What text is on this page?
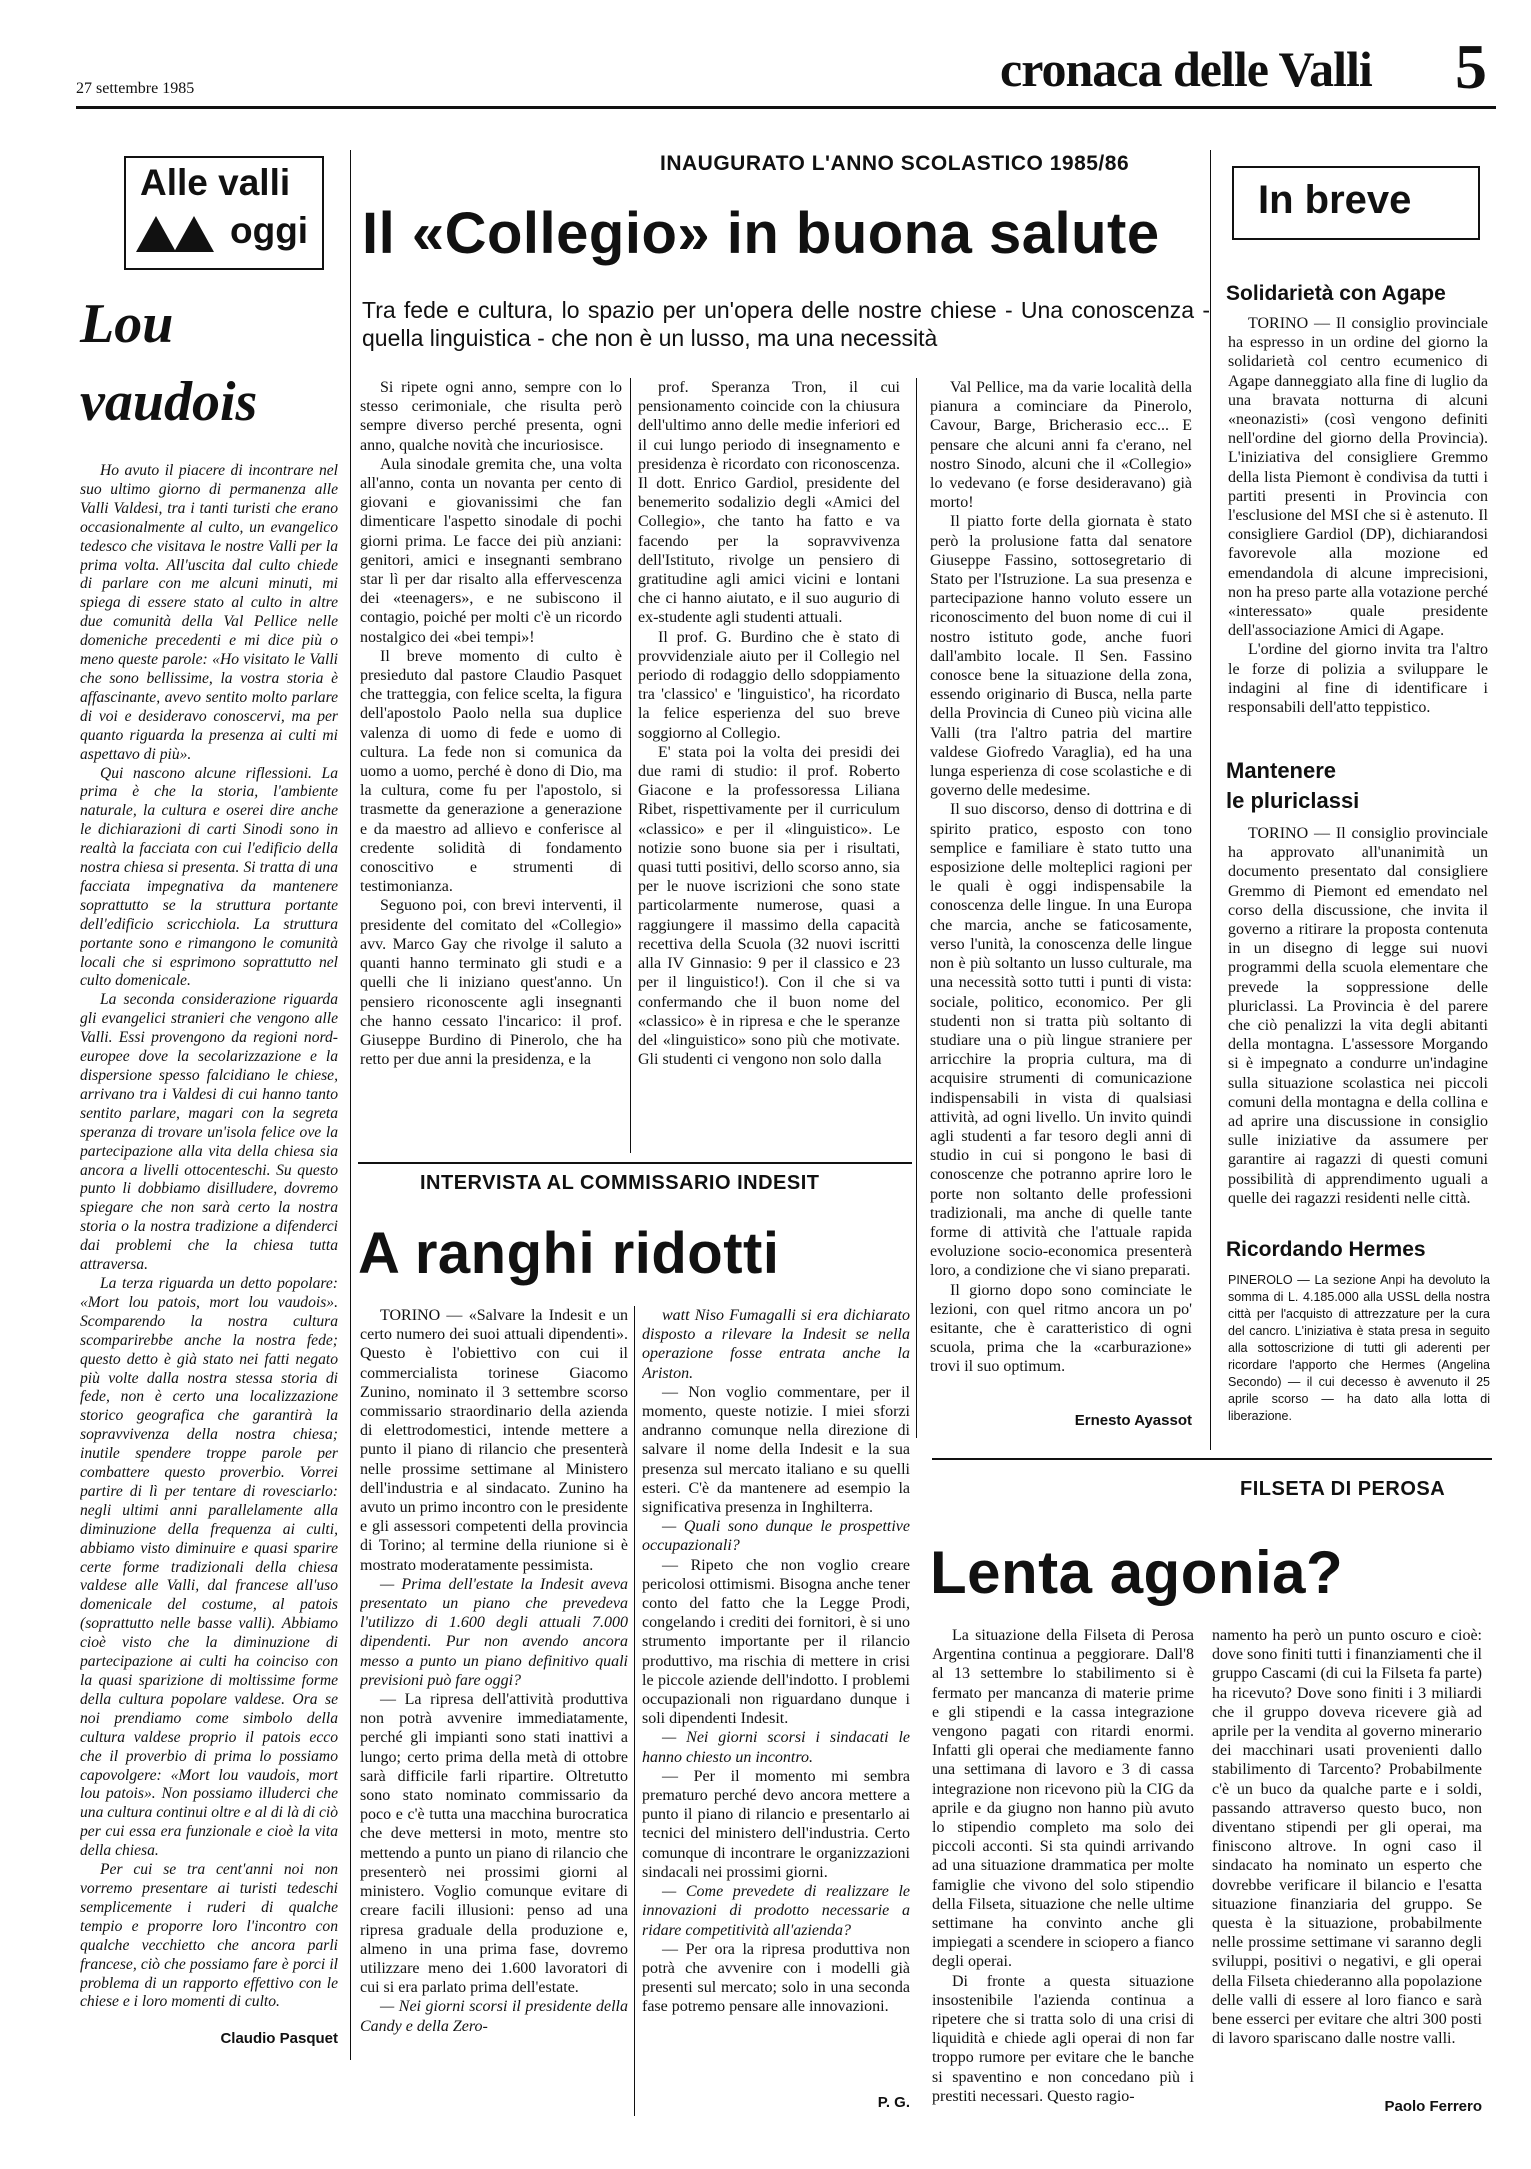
27 settembre 1985	cronaca delle Valli 5
Alle valli
oggi
Lou
vaudois

Ho avuto il piacere di incontrare nel suo ultimo giorno di permanenza alle Valli Valdesi, tra i tanti turisti che erano occasionalmente al culto, un evangelico tedesco che visitava le nostre Valli per la prima volta. All'uscita dal culto chiede di parlare con me alcuni minuti, mi spiega di essere stato al culto in altre due comunità della Val Pellice nelle domeniche precedenti e mi dice più o meno queste parole: «Ho visitato le Valli che sono bellissime, la vostra storia è affascinante, avevo sentito molto parlare di voi e desideravo conoscervi, ma per quanto riguarda la presenza ai culti mi aspettavo di più».

Qui nascono alcune riflessioni. La prima è che la storia, l'ambiente naturale, la cultura e oserei dire anche le dichiarazioni di carti Sinodi sono in realtà la facciata con cui l'edificio della nostra chiesa si presenta. Si tratta di una facciata impegnativa da mantenere soprattutto se la struttura portante dell'edificio scricchiola. La struttura portante sono e rimangono le comunità locali che si esprimono soprattutto nel culto domenicale.

La seconda considerazione riguarda gli evangelici stranieri che vengono alle Valli. Essi provengono da regioni nord-europee dove la secolarizzazione e la dispersione spesso falcidiano le chiese, arrivano tra i Valdesi di cui hanno tanto sentito parlare, magari con la segreta speranza di trovare un'isola felice ove la partecipazione alla vita della chiesa sia ancora a livelli ottocenteschi. Su questo punto li dobbiamo disilludere, dovremo spiegare che non sarà certo la nostra storia o la nostra tradizione a difenderci dai problemi che la chiesa tutta attraversa.

La terza riguarda un detto popolare: «Mort lou patois, mort lou vaudois». Scomparendo la nostra cultura scomparirebbe anche la nostra fede; questo detto è già stato nei fatti negato più volte dalla nostra stessa storia di fede, non è certo una localizzazione storico geografica che garantirà la sopravvivenza della nostra chiesa; inutile spendere troppe parole per combattere questo proverbio. Vorrei partire di lì per tentare di rovesciarlo: negli ultimi anni parallelamente alla diminuzione della frequenza ai culti, abbiamo visto diminuire e quasi sparire certe forme tradizionali della chiesa valdese alle Valli, dal francese all'uso domenicale del costume, al patois (soprattutto nelle basse valli). Abbiamo cioè visto che la diminuzione di partecipazione ai culti ha coinciso con la quasi sparizione di moltissime forme della cultura popolare valdese. Ora se noi prendiamo come simbolo della cultura valdese proprio il patois ecco che il proverbio di prima lo possiamo capovolgere: «Mort lou vaudois, mort lou patois». Non possiamo illuderci che una cultura continui oltre e al di là di ciò per cui essa era funzionale e cioè la vita della chiesa.

Per cui se tra cent'anni noi non vorremo presentare ai turisti tedeschi semplicemente i ruderi di qualche tempio e proporre loro l'incontro con qualche vecchietto che ancora parli francese, ciò che possiamo fare è porci il problema di un rapporto effettivo con le chiese e i loro momenti di culto.

Claudio Pasquet
INAUGURATO L'ANNO SCOLASTICO 1985/86
Il «Collegio» in buona salute
Tra fede e cultura, lo spazio per un'opera delle nostre chiese - Una conoscenza - quella linguistica - che non è un lusso, ma una necessità

Si ripete ogni anno, sempre con lo stesso cerimoniale, che risulta però sempre diverso perché presenta, ogni anno, qualche novità che incuriosisce.

Aula sinodale gremita che, una volta all'anno, conta un novanta per cento di giovani e giovanissimi che fan dimenticare l'aspetto sinodale di pochi giorni prima. Le facce dei più anziani: genitori, amici e insegnanti sembrano star lì per dar risalto alla effervescenza dei «teenagers», e ne subiscono il contagio, poiché per molti c'è un ricordo nostalgico dei «bei tempi»!

Il breve momento di culto è presieduto dal pastore Claudio Pasquet che tratteggia, con felice scelta, la figura dell'apostolo Paolo nella sua duplice valenza di uomo di fede e uomo di cultura. La fede non si comunica da uomo a uomo, perché è dono di Dio, ma la cultura, come fu per l'apostolo, si trasmette da generazione a generazione e da maestro ad allievo e conferisce al credente solidità di fondamento conoscitivo e strumenti di testimonianza.

Seguono poi, con brevi interventi, il presidente del comitato del «Collegio» avv. Marco Gay che rivolge il saluto a quanti hanno terminato gli studi e a quelli che li iniziano quest'anno. Un pensiero riconoscente agli insegnanti che hanno cessato l'incarico: il prof. Giuseppe Burdino di Pinerolo, che ha retto per due anni la presidenza, e la

prof. Speranza Tron, il cui pensionamento coincide con la chiusura dell'ultimo anno delle medie inferiori ed il cui lungo periodo di insegnamento e presidenza è ricordato con riconoscenza. Il dott. Enrico Gardiol, presidente del benemerito sodalizio degli «Amici del Collegio», che tanto ha fatto e va facendo per la sopravvivenza dell'Istituto, rivolge un pensiero di gratitudine agli amici vicini e lontani che ci hanno aiutato, e il suo augurio di ex-studente agli studenti attuali.

Il prof. G. Burdino che è stato di provvidenziale aiuto per il Collegio nel periodo di rodaggio dello sdoppiamento tra 'classico' e 'linguistico', ha ricordato la felice esperienza del suo breve soggiorno al Collegio.

E' stata poi la volta dei presidi dei due rami di studio: il prof. Roberto Giacone e la professoressa Liliana Ribet, rispettivamente per il curriculum «classico» e per il «linguistico». Le notizie sono buone sia per i risultati, quasi tutti positivi, dello scorso anno, sia per le nuove iscrizioni che sono state particolarmente numerose, quasi a raggiungere il massimo della capacità recettiva della Scuola (32 nuovi iscritti alla IV Ginnasio: 9 per il classico e 23 per il linguistico!). Con il che si va confermando che il buon nome del «classico» è in ripresa e che le speranze del «linguistico» sono più che motivate. Gli studenti ci vengono non solo dalla

Val Pellice, ma da varie località della pianura a cominciare da Pinerolo, Cavour, Barge, Bricherasio ecc... E pensare che alcuni anni fa c'erano, nel nostro Sinodo, alcuni che il «Collegio» lo vedevano (e forse desideravano) già morto!

Il piatto forte della giornata è stato però la prolusione fatta dal senatore Giuseppe Fassino, sottosegretario di Stato per l'Istruzione. La sua presenza e partecipazione hanno voluto essere un riconoscimento del buon nome di cui il nostro istituto gode, anche fuori dall'ambito locale. Il Sen. Fassino conosce bene la situazione della zona, essendo originario di Busca, nella parte della Provincia di Cuneo più vicina alle Valli (tra l'altro patria del martire valdese Giofredo Varaglia), ed ha una lunga esperienza di cose scolastiche e di governo delle medesime.

Il suo discorso, denso di dottrina e di spirito pratico, esposto con tono semplice e familiare è stato tutto una esposizione delle molteplici ragioni per le quali è oggi indispensabile la conoscenza delle lingue. In una Europa che marcia, anche se faticosamente, verso l'unità, la conoscenza delle lingue non è più soltanto un lusso culturale, ma una necessità sotto tutti i punti di vista: sociale, politico, economico. Per gli studenti non si tratta più soltanto di studiare una o più lingue straniere per arricchire la propria cultura, ma di acquisire strumenti di comunicazione indispensabili in vista di qualsiasi attività, ad ogni livello. Un invito quindi agli studenti a far tesoro degli anni di studio in cui si pongono le basi di conoscenze che potranno aprire loro le porte non soltanto delle professioni tradizionali, ma anche di quelle tante forme di attività che l'attuale rapida evoluzione socio-economica presenterà loro, a condizione che vi siano preparati.

Il giorno dopo sono cominciate le lezioni, con quel ritmo ancora un po' esitante, che è caratteristico di ogni scuola, prima che la «carburazione» trovi il suo optimum.

Ernesto Ayassot
INTERVISTA AL COMMISSARIO INDESIT
A ranghi ridotti

TORINO — «Salvare la Indesit e un certo numero dei suoi attuali dipendenti». Questo è l'obiettivo con cui il commercialista torinese Giacomo Zunino, nominato il 3 settembre scorso commissario straordinario della azienda di elettrodomestici, intende mettere a punto il piano di rilancio che presenterà nelle prossime settimane al Ministero dell'industria e al sindacato. Zunino ha avuto un primo incontro con le presidente e gli assessori competenti della provincia di Torino; al termine della riunione si è mostrato moderatamente pessimista.

— Prima dell'estate la Indesit aveva presentato un piano che prevedeva l'utilizzo di 1.600 degli attuali 7.000 dipendenti. Pur non avendo ancora messo a punto un piano definitivo quali previsioni può fare oggi?

— La ripresa dell'attività produttiva non potrà avvenire immediatamente, perché gli impianti sono stati inattivi a lungo; certo prima della metà di ottobre sarà difficile farli ripartire. Oltretutto sono stato nominato commissario da poco e c'è tutta una macchina burocratica che deve mettersi in moto, mentre sto mettendo a punto un piano di rilancio che presenterò nei prossimi giorni al ministero. Voglio comunque evitare di creare facili illusioni: penso ad una ripresa graduale della produzione e, almeno in una prima fase, dovremo utilizzare meno dei 1.600 lavoratori di cui si era parlato prima dell'estate.

— Nei giorni scorsi il presidente della Candy e della Zero-

watt Niso Fumagalli si era dichiarato disposto a rilevare la Indesit se nella operazione fosse entrata anche la Ariston.

— Non voglio commentare, per il momento, queste notizie. I miei sforzi andranno comunque nella direzione di salvare il nome della Indesit e la sua presenza sul mercato italiano e su quelli esteri. C'è da mantenere ad esempio la significativa presenza in Inghilterra.

— Quali sono dunque le prospettive occupazionali?

— Ripeto che non voglio creare pericolosi ottimismi. Bisogna anche tener conto del fatto che la Legge Prodi, congelando i crediti dei fornitori, è si uno strumento importante per il rilancio produttivo, ma rischia di mettere in crisi le piccole aziende dell'indotto. I problemi occupazionali non riguardano dunque i soli dipendenti Indesit.

— Nei giorni scorsi i sindacati le hanno chiesto un incontro.

— Per il momento mi sembra prematuro perché devo ancora mettere a punto il piano di rilancio e presentarlo ai tecnici del ministero dell'industria. Certo comunque di incontrare le organizzazioni sindacali nei prossimi giorni.

— Come prevedete di realizzare le innovazioni di prodotto necessarie a ridare competitività all'azienda?

— Per ora la ripresa produttiva non potrà che avvenire con i modelli già presenti sul mercato; solo in una seconda fase potremo pensare alle innovazioni.

P. G.
In breve
Solidarietà con Agape

TORINO — Il consiglio provinciale ha espresso in un ordine del giorno la solidarietà col centro ecumenico di Agape danneggiato alla fine di luglio da una bravata notturna di alcuni «neonazisti» (così vengono definiti nell'ordine del giorno della Provincia). L'iniziativa del consigliere Gremmo della lista Piemont è condivisa da tutti i partiti presenti in Provincia con l'esclusione del MSI che si è astenuto. Il consigliere Gardiol (DP), dichiarandosi favorevole alla mozione ed emendandola di alcune imprecisioni, non ha preso parte alla votazione perché «interessato» quale presidente dell'associazione Amici di Agape.

L'ordine del giorno invita tra l'altro le forze di polizia a sviluppare le indagini al fine di identificare i responsabili dell'atto teppistico.

Mantenere
le pluriclassi

TORINO — Il consiglio provinciale ha approvato all'unanimità un documento presentato dal consigliere Gremmo di Piemont ed emendato nel corso della discussione, che invita il governo a ritirare la proposta contenuta in un disegno di legge sui nuovi programmi della scuola elementare che prevede la soppressione delle pluriclassi. La Provincia è del parere che ciò penalizzi la vita degli abitanti della montagna. L'assessore Morgando si è impegnato a condurre un'indagine sulla situazione scolastica nei piccoli comuni della montagna e della collina e ad aprire una discussione in consiglio sulle iniziative da assumere per garantire ai ragazzi di questi comuni possibilità di apprendimento uguali a quelle dei ragazzi residenti nelle città.

Ricordando Hermes
PINEROLO — La sezione Anpi ha devoluto la somma di L. 4.185.000 alla USSL della nostra città per l'acquisto di attrezzature per la cura del cancro. L'iniziativa è stata presa in seguito alla sottoscrizione di tutti gli aderenti per ricordare l'apporto che Hermes (Angelina Secondo) — il cui decesso è avvenuto il 25 aprile scorso — ha dato alla lotta di liberazione.
FILSETA DI PEROSA
Lenta agonia?

La situazione della Filseta di Perosa Argentina continua a peggiorare. Dall'8 al 13 settembre lo stabilimento si è fermato per mancanza di materie prime e gli stipendi e la cassa integrazione vengono pagati con ritardi enormi. Infatti gli operai che mediamente fanno una settimana di lavoro e 3 di cassa integrazione non ricevono più la CIG da aprile e da giugno non hanno più avuto lo stipendio completo ma solo dei piccoli acconti. Si sta quindi arrivando ad una situazione drammatica per molte famiglie che vivono del solo stipendio della Filseta, situazione che nelle ultime settimane ha convinto anche gli impiegati a scendere in sciopero a fianco degli operai.

Di fronte a questa situazione insostenibile l'azienda continua a ripetere che si tratta solo di una crisi di liquidità e chiede agli operai di non far troppo rumore per evitare che le banche si spaventino e non concedano più i prestiti necessari. Questo ragio-

namento ha però un punto oscuro e cioè: dove sono finiti tutti i finanziamenti che il gruppo Cascami (di cui la Filseta fa parte) ha ricevuto? Dove sono finiti i 3 miliardi che il gruppo doveva ricevere già ad aprile per la vendita al governo minerario dei macchinari usati provenienti dallo stabilimento di Tarcento? Probabilmente c'è un buco da qualche parte e i soldi, passando attraverso questo buco, non diventano stipendi per gli operai, ma finiscono altrove. In ogni caso il sindacato ha nominato un esperto che dovrebbe verificare il bilancio e l'esatta situazione finanziaria del gruppo. Se questa è la situazione, probabilmente nelle prossime settimane vi saranno degli sviluppi, positivi o negativi, e gli operai della Filseta chiederanno alla popolazione delle valli di essere al loro fianco e sarà bene esserci per evitare che altri 300 posti di lavoro spariscano dalle nostre valli.

Paolo Ferrero
